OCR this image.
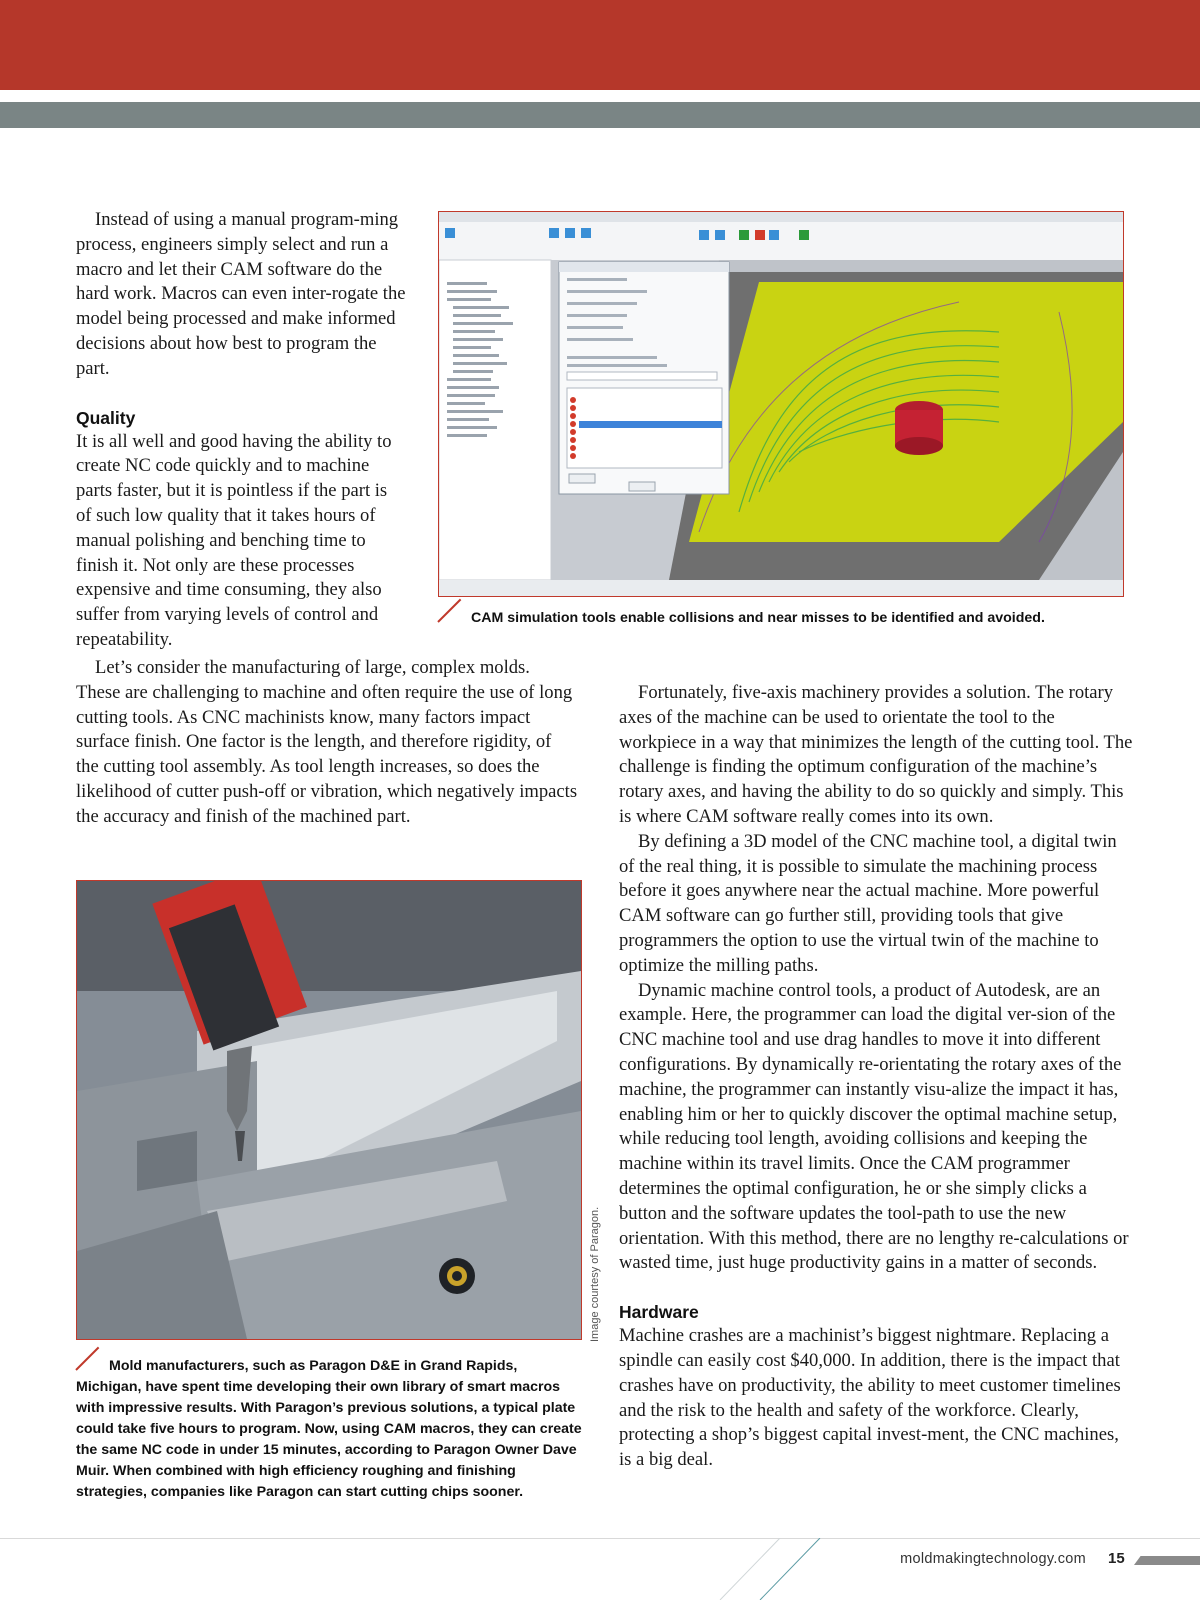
Instead of using a manual program-ming process, engineers simply select and run a macro and let their CAM software do the hard work. Macros can even inter-rogate the model being processed and make informed decisions about how best to program the part.

Quality

It is all well and good having the ability to create NC code quickly and to machine parts faster, but it is pointless if the part is of such low quality that it takes hours of manual polishing and benching time to finish it. Not only are these processes expensive and time consuming, they also suffer from varying levels of control and repeatability.

Let’s consider the manufacturing of large, complex molds. These are challenging to machine and often require the use of long cutting tools. As CNC machinists know, many factors impact surface finish. One factor is the length, and therefore rigidity, of the cutting tool assembly. As tool length increases, so does the likelihood of cutter push-off or vibration, which negatively impacts the accuracy and finish of the machined part.

CAM simulation tools enable collisions and near misses to be identified and avoided.
Image courtesy of Paragon.
Mold manufacturers, such as Paragon D&E in Grand Rapids, Michigan, have spent time developing their own library of smart macros with impressive results. With Paragon’s previous solutions, a typical plate could take five hours to program. Now, using CAM macros, they can create the same NC code in under 15 minutes, according to Paragon Owner Dave Muir. When combined with high efficiency roughing and finishing strategies, companies like Paragon can start cutting chips sooner.

Fortunately, five-axis machinery provides a solution. The rotary axes of the machine can be used to orientate the tool to the workpiece in a way that minimizes the length of the cutting tool. The challenge is finding the optimum configuration of the machine’s rotary axes, and having the ability to do so quickly and simply. This is where CAM software really comes into its own.

By defining a 3D model of the CNC machine tool, a digital twin of the real thing, it is possible to simulate the machining process before it goes anywhere near the actual machine. More powerful CAM software can go further still, providing tools that give programmers the option to use the virtual twin of the machine to optimize the milling paths.

Dynamic machine control tools, a product of Autodesk, are an example. Here, the programmer can load the digital ver-sion of the CNC machine tool and use drag handles to move it into different configurations. By dynamically re-orientating the rotary axes of the machine, the programmer can instantly visu-alize the impact it has, enabling him or her to quickly discover the optimal machine setup, while reducing tool length, avoiding collisions and keeping the machine within its travel limits. Once the CAM programmer determines the optimal configuration, he or she simply clicks a button and the software updates the tool-path to use the new orientation. With this method, there are no lengthy re-calculations or wasted time, just huge productivity gains in a matter of seconds.

Hardware

Machine crashes are a machinist’s biggest nightmare. Replacing a spindle can easily cost $40,000. In addition, there is the impact that crashes have on productivity, the ability to meet customer timelines and the risk to the health and safety of the workforce. Clearly, protecting a shop’s biggest capital invest-ment, the CNC machines, is a big deal.

moldmakingtechnology.com 15
